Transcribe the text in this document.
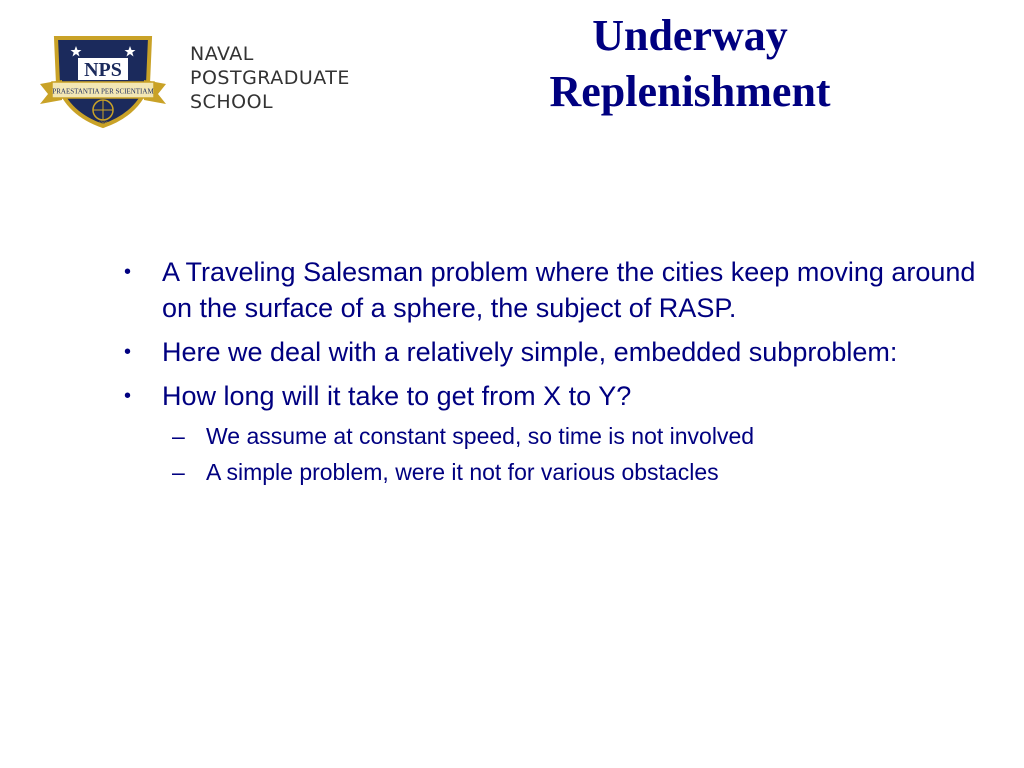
NPS
PRAESTANTIA PER SCIENTIAM
1909
NAVAL
POSTGRADUATE
SCHOOL
Underway
Replenishment
• A Traveling Salesman problem where the cities keep moving around on the surface of a sphere, the subject of RASP.
• Here we deal with a relatively simple, embedded subproblem:
• How long will it take to get from X to Y?
– We assume at constant speed, so time is not involved
– A simple problem, were it not for various obstacles
